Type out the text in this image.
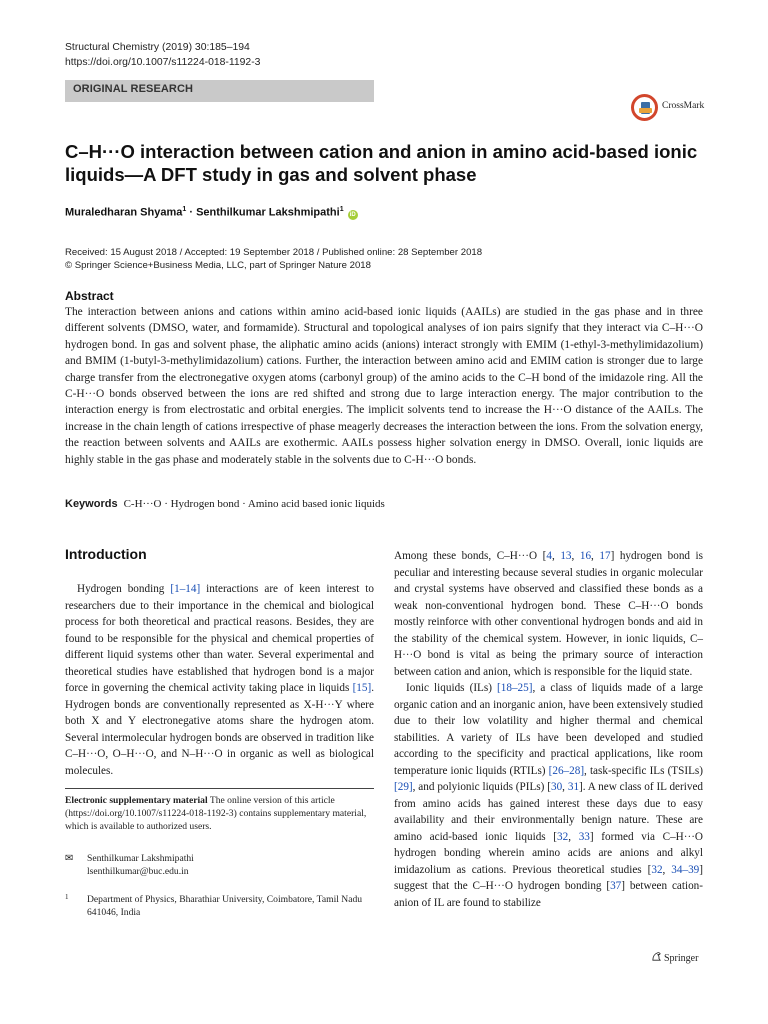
Structural Chemistry (2019) 30:185–194
https://doi.org/10.1007/s11224-018-1192-3
ORIGINAL RESEARCH
CrossMark
C–H···O interaction between cation and anion in amino acid-based ionic liquids—A DFT study in gas and solvent phase
Muraledharan Shyama$^1$ · Senthilkumar Lakshmipathi$^1$ iD
Received: 15 August 2018 / Accepted: 19 September 2018 / Published online: 28 September 2018
© Springer Science+Business Media, LLC, part of Springer Nature 2018
Abstract

The interaction between anions and cations within amino acid-based ionic liquids (AAILs) are studied in the gas phase and in three different solvents (DMSO, water, and formamide). Structural and topological analyses of ion pairs signify that they interact via C–H···O hydrogen bond. In gas and solvent phase, the aliphatic amino acids (anions) interact strongly with EMIM (1-ethyl-3-methylimidazolium) and BMIM (1-butyl-3-methylimidazolium) cations. Further, the interaction between amino acid and EMIM cation is stronger due to large charge transfer from the electronegative oxygen atoms (carbonyl group) of the amino acids to the C–H bond of the imidazole ring. All the C-H···O bonds observed between the ions are red shifted and strong due to large interaction energy. The major contribution to the interaction energy is from electrostatic and orbital energies. The implicit solvents tend to increase the H···O distance of the AAILs. The increase in the chain length of cations irrespective of phase meagerly decreases the interaction between the ions. From the solvation energy, the reaction between solvents and AAILs are exothermic. AAILs possess higher solvation energy in DMSO. Overall, ionic liquids are highly stable in the gas phase and moderately stable in the solvents due to C-H···O bonds.

Keywords C-H···O · Hydrogen bond · Amino acid based ionic liquids
Introduction

Hydrogen bonding [1–14] interactions are of keen interest to researchers due to their importance in the chemical and biological process for both theoretical and practical reasons. Besides, they are found to be responsible for the physical and chemical properties of different liquid systems other than water. Several experimental and theoretical studies have established that hydrogen bond is a major force in governing the chemical activity taking place in liquids [15]. Hydrogen bonds are conventionally represented as X-H···Y where both X and Y electronegative atoms share the hydrogen atom. Several intermolecular hydrogen bonds are observed in tradition like C–H···O, O–H···O, and N–H···O in organic as well as biological molecules.

Among these bonds, C–H···O [4, 13, 16, 17] hydrogen bond is peculiar and interesting because several studies in organic molecular and crystal systems have observed and classified these bonds as a weak non-conventional hydrogen bond. These C–H···O bonds mostly reinforce with other conventional hydrogen bonds and aid in the stability of the chemical system. However, in ionic liquids, C–H···O bond is vital as being the primary source of interaction between cation and anion, which is responsible for the liquid state.

Ionic liquids (ILs) [18–25], a class of liquids made of a large organic cation and an inorganic anion, have been extensively studied due to their low volatility and higher thermal and chemical stabilities. A variety of ILs have been developed and studied according to the specificity and practical applications, like room temperature ionic liquids (RTILs) [26–28], task-specific ILs (TSILs) [29], and polyionic liquids (PILs) [30, 31]. A new class of IL derived from amino acids has gained interest these days due to easy availability and their environmentally benign nature. These are amino acid-based ionic liquids [32, 33] formed via C–H···O hydrogen bonding wherein amino acids are anions and alkyl imidazolium as cations. Previous theoretical studies [32, 34–39] suggest that the C–H···O hydrogen bonding [37] between cation-anion of IL are found to stabilize

Electronic supplementary material The online version of this article (https://doi.org/10.1007/s11224-018-1192-3) contains supplementary material, which is available to authorized users.
✉ Senthilkumar Lakshmipathi
lsenthilkumar@buc.edu.in
1 Department of Physics, Bharathiar University, Coimbatore, Tamil Nadu 641046, India
Springer
